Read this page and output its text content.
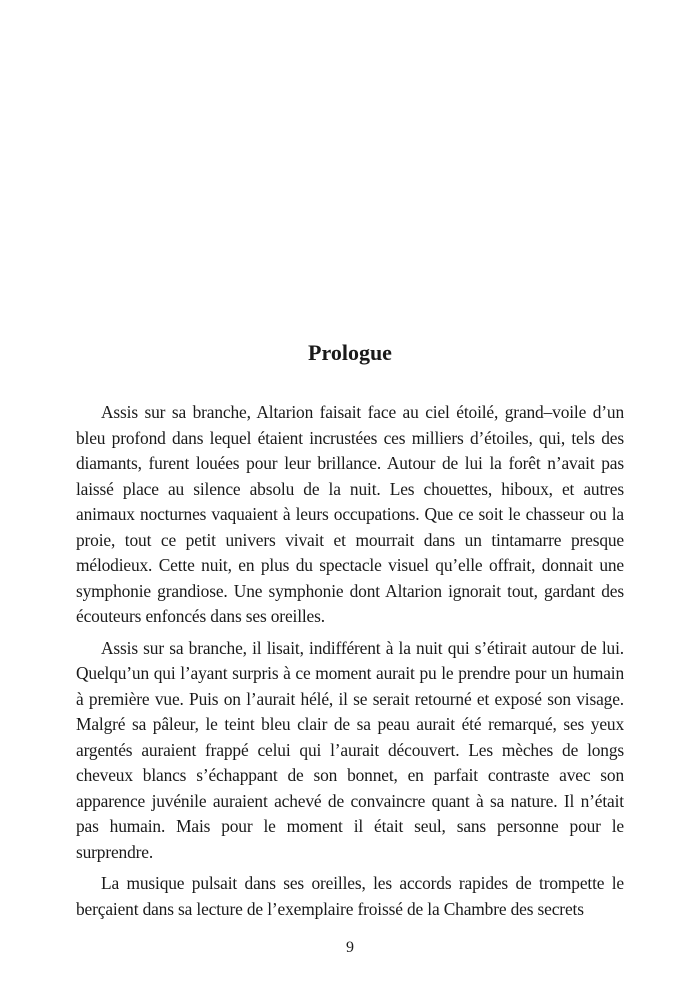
Prologue

Assis sur sa branche, Altarion faisait face au ciel étoilé, grand–voile d’un bleu profond dans lequel étaient incrustées ces milliers d’étoiles, qui, tels des diamants, furent louées pour leur brillance. Autour de lui la forêt n’avait pas laissé place au silence absolu de la nuit. Les chouettes, hiboux, et autres animaux nocturnes vaquaient à leurs occupations. Que ce soit le chasseur ou la proie, tout ce petit univers vivait et mourrait dans un tintamarre presque mélodieux. Cette nuit, en plus du spectacle visuel qu’elle offrait, donnait une symphonie grandiose. Une symphonie dont Altarion ignorait tout, gardant des écouteurs enfoncés dans ses oreilles.

Assis sur sa branche, il lisait, indifférent à la nuit qui s’étirait autour de lui. Quelqu’un qui l’ayant surpris à ce moment aurait pu le prendre pour un humain à première vue. Puis on l’aurait hélé, il se serait retourné et exposé son visage. Malgré sa pâleur, le teint bleu clair de sa peau aurait été remarqué, ses yeux argentés auraient frappé celui qui l’aurait découvert. Les mèches de longs cheveux blancs s’échappant de son bonnet, en parfait contraste avec son apparence juvénile auraient achevé de convaincre quant à sa nature. Il n’était pas humain. Mais pour le moment il était seul, sans personne pour le surprendre.

La musique pulsait dans ses oreilles, les accords rapides de trompette le berçaient dans sa lecture de l’exemplaire froissé de la Chambre des secrets

9
